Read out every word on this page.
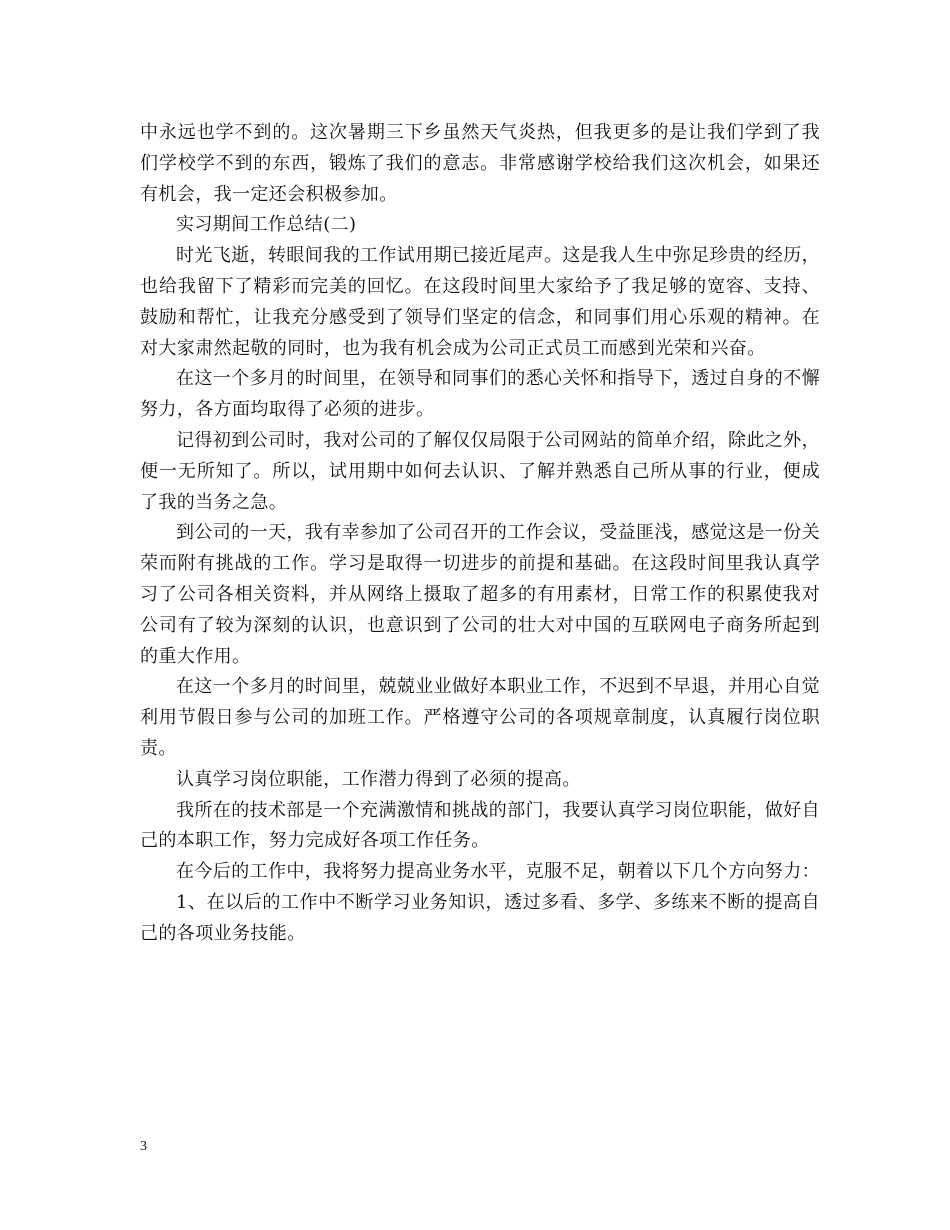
中永远也学不到的。这次暑期三下乡虽然天气炎热，但我更多的是让我们学到了我们学校学不到的东西，锻炼了我们的意志。非常感谢学校给我们这次机会，如果还有机会，我一定还会积极参加。

实习期间工作总结(二)

时光飞逝，转眼间我的工作试用期已接近尾声。这是我人生中弥足珍贵的经历，也给我留下了精彩而完美的回忆。在这段时间里大家给予了我足够的宽容、支持、鼓励和帮忙，让我充分感受到了领导们坚定的信念，和同事们用心乐观的精神。在对大家肃然起敬的同时，也为我有机会成为公司正式员工而感到光荣和兴奋。

在这一个多月的时间里，在领导和同事们的悉心关怀和指导下，透过自身的不懈努力，各方面均取得了必须的进步。

记得初到公司时，我对公司的了解仅仅局限于公司网站的简单介绍，除此之外，便一无所知了。所以，试用期中如何去认识、了解并熟悉自己所从事的行业，便成了我的当务之急。

到公司的一天，我有幸参加了公司召开的工作会议，受益匪浅，感觉这是一份关荣而附有挑战的工作。学习是取得一切进步的前提和基础。在这段时间里我认真学习了公司各相关资料，并从网络上摄取了超多的有用素材，日常工作的积累使我对公司有了较为深刻的认识，也意识到了公司的壮大对中国的互联网电子商务所起到的重大作用。

在这一个多月的时间里，兢兢业业做好本职业工作，不迟到不早退，并用心自觉利用节假日参与公司的加班工作。严格遵守公司的各项规章制度，认真履行岗位职责。

认真学习岗位职能，工作潜力得到了必须的提高。

我所在的技术部是一个充满激情和挑战的部门，我要认真学习岗位职能，做好自己的本职工作，努力完成好各项工作任务。

在今后的工作中，我将努力提高业务水平，克服不足，朝着以下几个方向努力：

1、在以后的工作中不断学习业务知识，透过多看、多学、多练来不断的提高自己的各项业务技能。

3
